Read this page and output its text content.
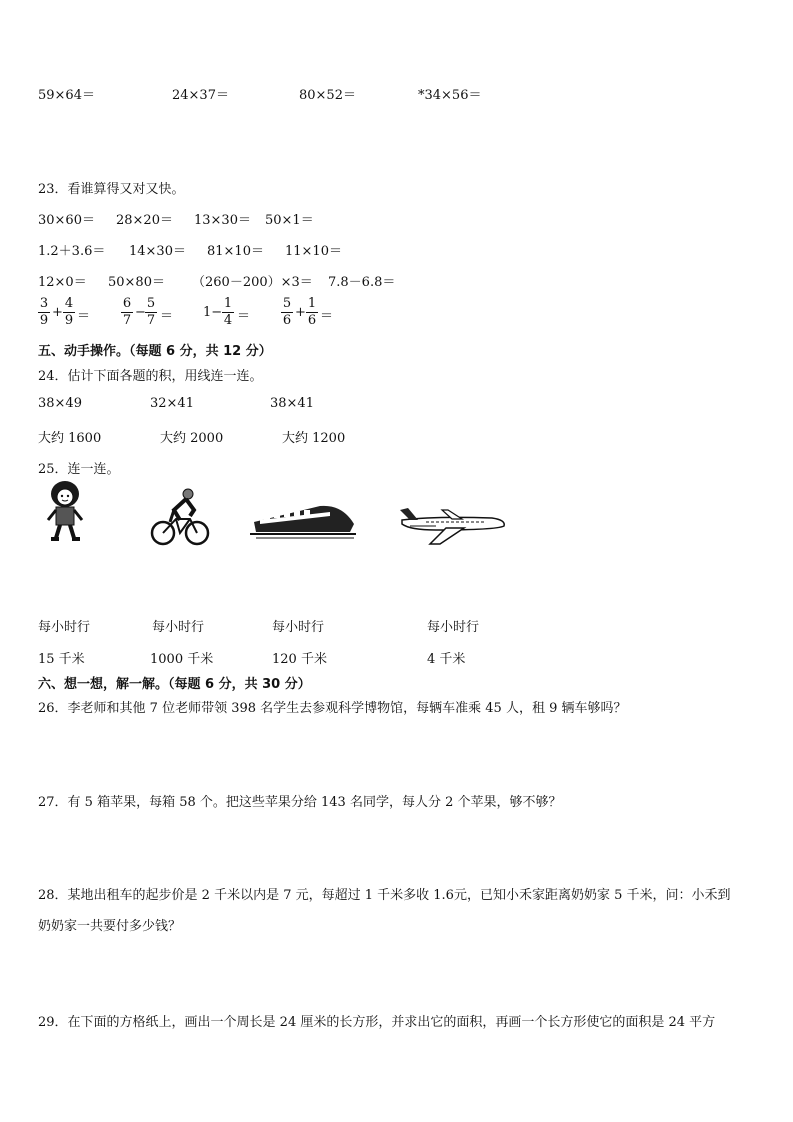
59×64＝	24×37＝	80×52＝	*34×56＝
23．看谁算得又对又快。
30×60＝ 28×20＝ 13×30＝ 50×1＝
1.2＋3.6＝ 14×30＝ 81×10＝ 11×10＝
12×0＝ 50×80＝ （260－200）×3＝ 7.8－6.8＝
$\frac{3}{9} + \frac{4}{9} = \frac{6}{7} - \frac{5}{7} = 1- \frac{1}{4} = \frac{5}{6} + \frac{1}{6}$ ＝
五、动手操作。（每题 6 分，共 12 分）
24．估计下面各题的积，用线连一连。
38×49	32×41	38×41
大约 1600	大约 2000	大约 1200
25．连一连。
每小时行	每小时行	每小时行	每小时行
15 千米	1000 千米	120 千米	4 千米
六、想一想，解一解。（每题 6 分，共 30 分）
26．李老师和其他 7 位老师带领 398 名学生去参观科学博物馆，每辆车准乘 45 人，租 9 辆车够吗？
27．有 5 箱苹果，每箱 58 个。把这些苹果分给 143 名同学，每人分 2 个苹果，够不够？
28．某地出租车的起步价是 2 千米以内是 7 元，每超过 1 千米多收 1.6元，已知小禾家距离奶奶家 5 千米，问：小禾到
奶奶家一共要付多少钱？
29．在下面的方格纸上，画出一个周长是 24 厘米的长方形，并求出它的面积，再画一个长方形使它的面积是 24 平方
